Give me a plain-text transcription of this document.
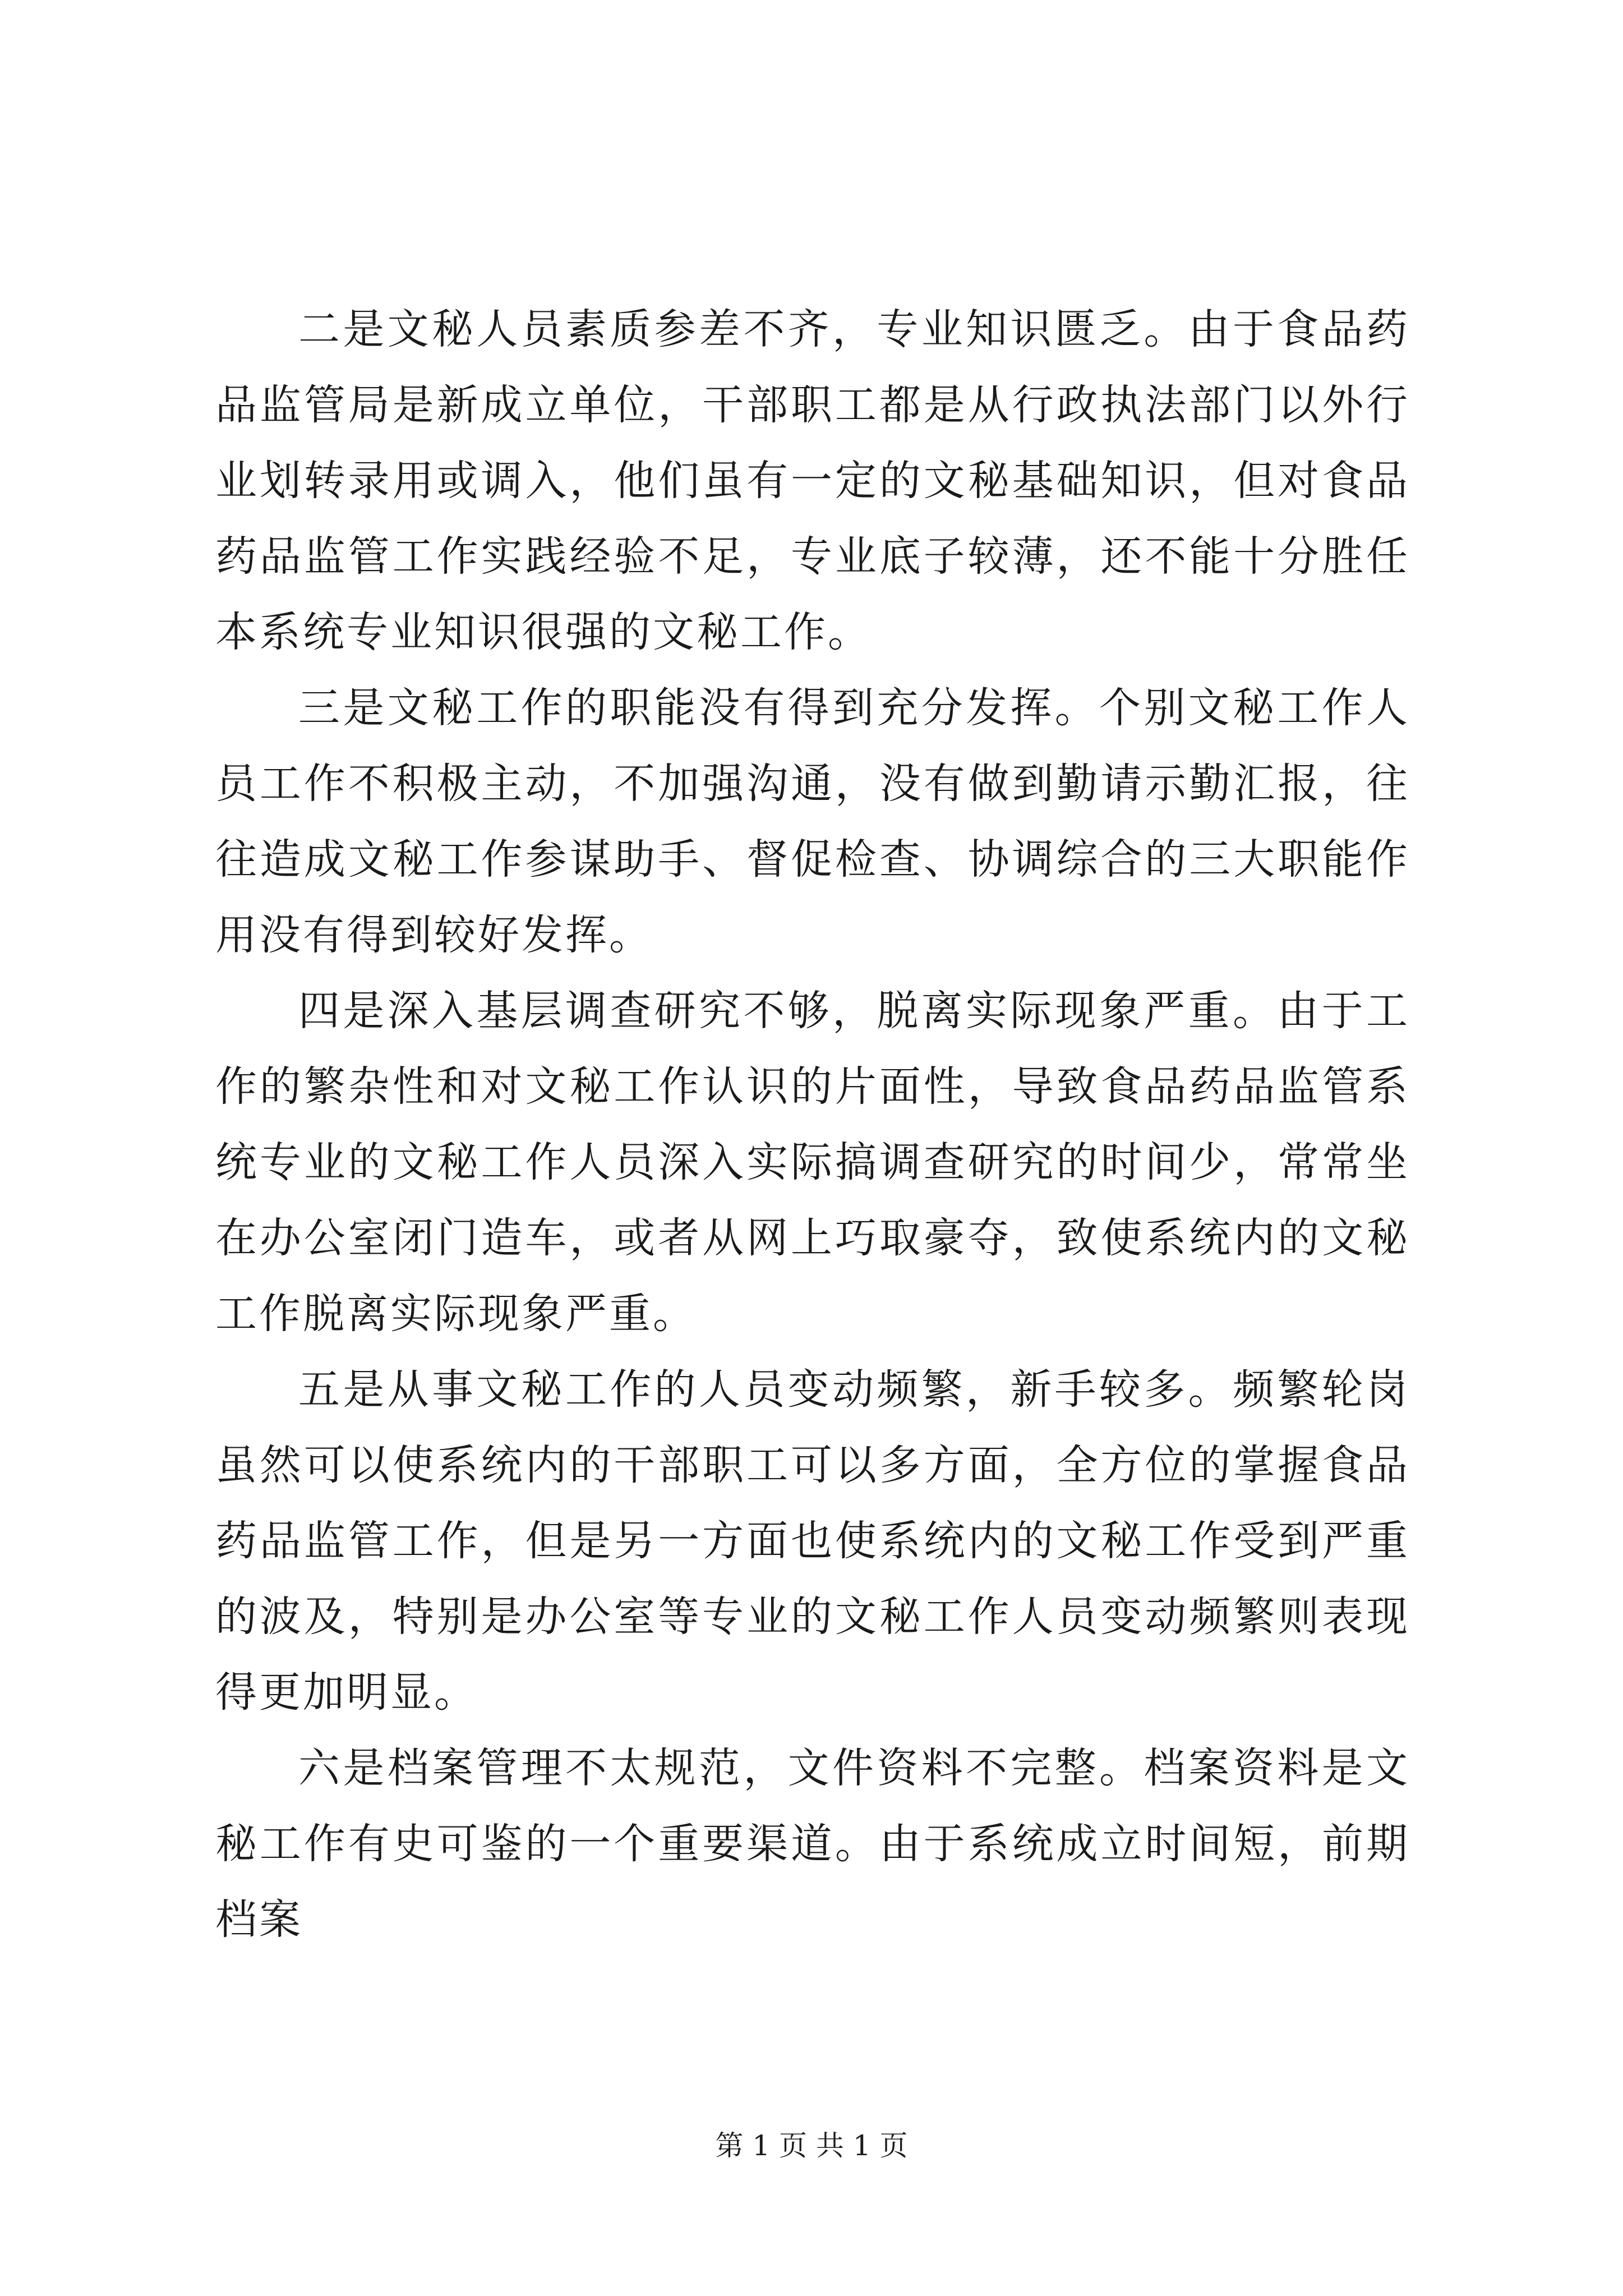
二是文秘人员素质参差不齐，专业知识匮乏。由于食品药品监管局是新成立单位，干部职工都是从行政执法部门以外行业划转录用或调入，他们虽有一定的文秘基础知识，但对食品药品监管工作实践经验不足，专业底子较薄，还不能十分胜任本系统专业知识很强的文秘工作。

三是文秘工作的职能没有得到充分发挥。个别文秘工作人员工作不积极主动，不加强沟通，没有做到勤请示勤汇报，往往造成文秘工作参谋助手、督促检查、协调综合的三大职能作用没有得到较好发挥。

四是深入基层调查研究不够，脱离实际现象严重。由于工作的繁杂性和对文秘工作认识的片面性，导致食品药品监管系统专业的文秘工作人员深入实际搞调查研究的时间少，常常坐在办公室闭门造车，或者从网上巧取豪夺，致使系统内的文秘工作脱离实际现象严重。

五是从事文秘工作的人员变动频繁，新手较多。频繁轮岗虽然可以使系统内的干部职工可以多方面，全方位的掌握食品药品监管工作，但是另一方面也使系统内的文秘工作受到严重的波及，特别是办公室等专业的文秘工作人员变动频繁则表现得更加明显。

六是档案管理不太规范，文件资料不完整。档案资料是文秘工作有史可鉴的一个重要渠道。由于系统成立时间短，前期档案

第 1 页 共 1 页
